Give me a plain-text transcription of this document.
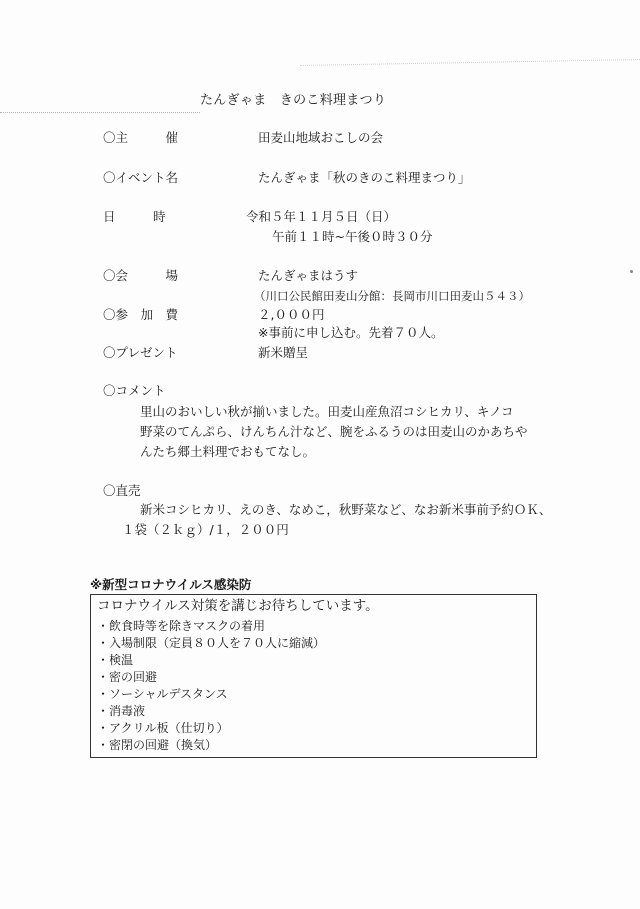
たんぎゃま　きのこ料理まつり
〇主　　　催	田麦山地域おこしの会
〇イベント名	たんぎゃま「秋のきのこ料理まつり」
日　　　時	令和５年１１月５日（日）
午前１１時~午後０時３０分
〇会　　　場	たんぎゃまはうす
（川口公民館田麦山分館：長岡市川口田麦山５４３）
〇参　加　費	２,０００円
※事前に申し込む。先着７０人。
〇プレゼント	新米贈呈
〇コメント
里山のおいしい秋が揃いました。田麦山産魚沼コシヒカリ、キノコ
野菜のてんぷら、けんちん汁など、腕をふるうのは田麦山のかあちや
んたち郷土料理でおもてなし。
〇直売
新米コシヒカリ、えのき、なめこ，秋野菜など、なお新米事前予約ＯＫ、
１袋（２ｋｇ）/１，２００円
※新型コロナウイルス感染防
コロナウイルス対策を講じお待ちしています。
・飲食時等を除きマスクの着用
・入場制限（定員８０人を７０人に縮減）
・検温
・密の回避
・ソーシャルデスタンス
・消毒液
・アクリル板（仕切り）
・密閉の回避（換気）
